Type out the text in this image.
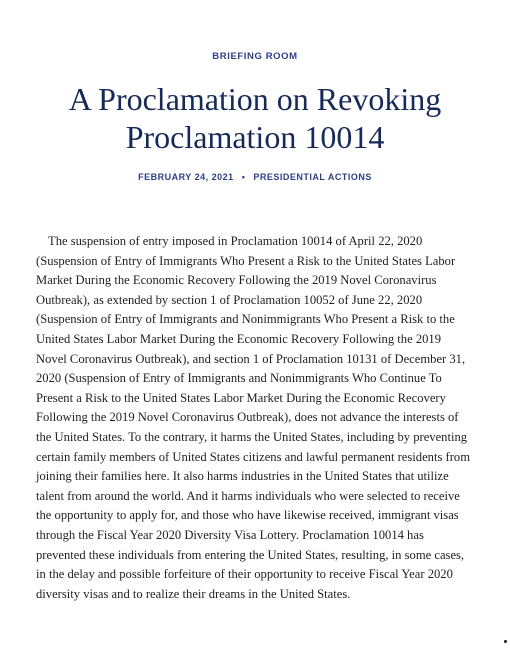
BRIEFING ROOM
A Proclamation on Revoking Proclamation 10014
FEBRUARY 24, 2021 • PRESIDENTIAL ACTIONS

The suspension of entry imposed in Proclamation 10014 of April 22, 2020 (Suspension of Entry of Immigrants Who Present a Risk to the United States Labor Market During the Economic Recovery Following the 2019 Novel Coronavirus Outbreak), as extended by section 1 of Proclamation 10052 of June 22, 2020 (Suspension of Entry of Immigrants and Nonimmigrants Who Present a Risk to the United States Labor Market During the Economic Recovery Following the 2019 Novel Coronavirus Outbreak), and section 1 of Proclamation 10131 of December 31, 2020 (Suspension of Entry of Immigrants and Nonimmigrants Who Continue To Present a Risk to the United States Labor Market During the Economic Recovery Following the 2019 Novel Coronavirus Outbreak), does not advance the interests of the United States. To the contrary, it harms the United States, including by preventing certain family members of United States citizens and lawful permanent residents from joining their families here. It also harms industries in the United States that utilize talent from around the world. And it harms individuals who were selected to receive the opportunity to apply for, and those who have likewise received, immigrant visas through the Fiscal Year 2020 Diversity Visa Lottery. Proclamation 10014 has prevented these individuals from entering the United States, resulting, in some cases, in the delay and possible forfeiture of their opportunity to receive Fiscal Year 2020 diversity visas and to realize their dreams in the United States.
